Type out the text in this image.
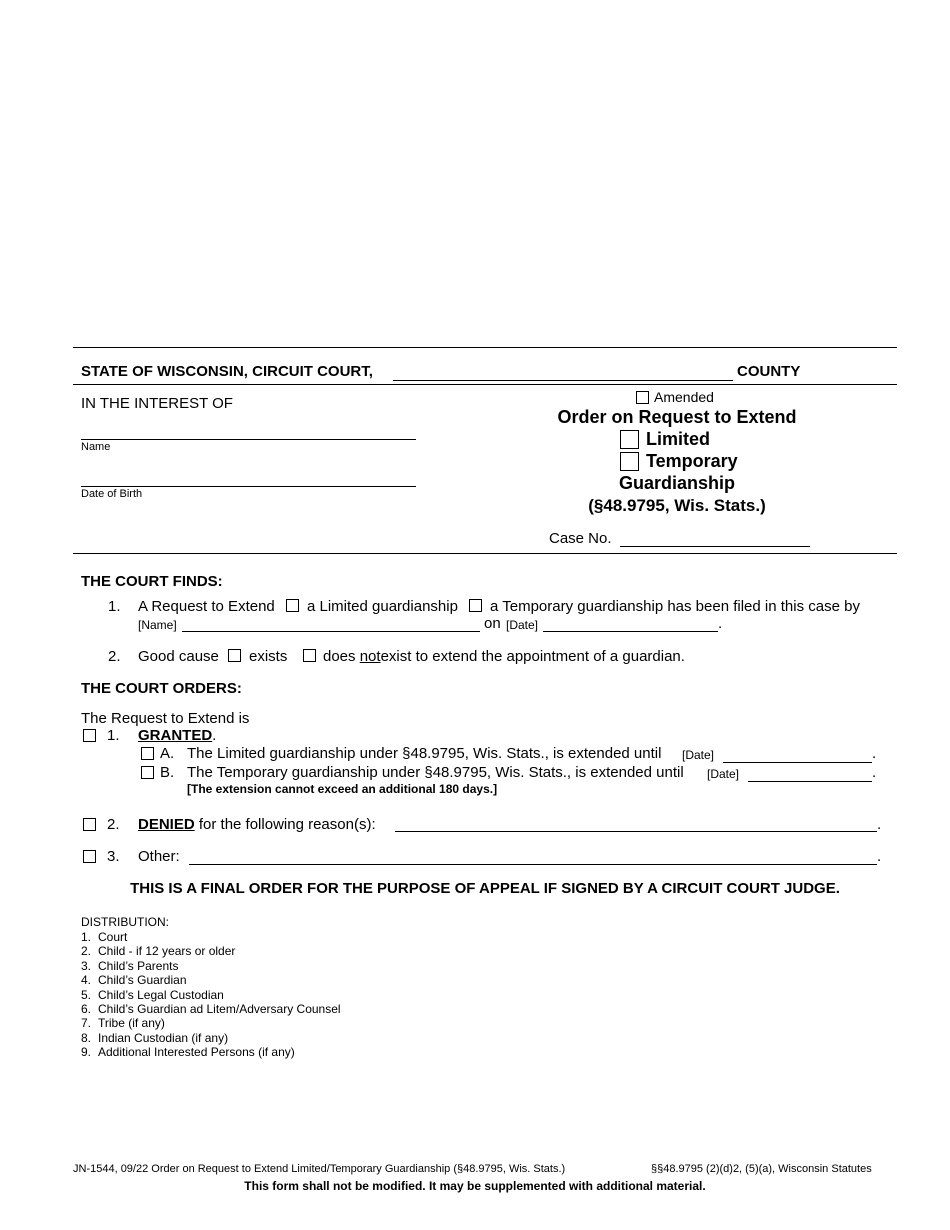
STATE OF WISCONSIN, CIRCUIT COURT,	COUNTY
IN THE INTEREST OF
Name
Date of Birth
Amended
Order on Request to Extend
Limited
Temporary
Guardianship
(§48.9795, Wis. Stats.)
Case No.
THE COURT FINDS:
1. A Request to Extend a Limited guardianship a Temporary guardianship has been filed in this case by
[Name]	on [Date]	.
2. Good cause exists does notexist to extend the appointment of a guardian.
THE COURT ORDERS:
The Request to Extend is
1. GRANTED.
A. The Limited guardianship under §48.9795, Wis. Stats., is extended until [Date]	.
B. The Temporary guardianship under §48.9795, Wis. Stats., is extended until [Date]	.
[The extension cannot exceed an additional 180 days.]
2. DENIED for the following reason(s):	.
3. Other:	.
THIS IS A FINAL ORDER FOR THE PURPOSE OF APPEAL IF SIGNED BY A CIRCUIT COURT JUDGE.
DISTRIBUTION:
1. Court
2. Child - if 12 years or older
3. Child’s Parents
4. Child’s Guardian
5. Child’s Legal Custodian
6. Child’s Guardian ad Litem/Adversary Counsel
7. Tribe (if any)
8. Indian Custodian (if any)
9. Additional Interested Persons (if any)
JN-1544, 09/22 Order on Request to Extend Limited/Temporary Guardianship (§48.9795, Wis. Stats.)	§§48.9795 (2)(d)2, (5)(a), Wisconsin Statutes
This form shall not be modified. It may be supplemented with additional material.
